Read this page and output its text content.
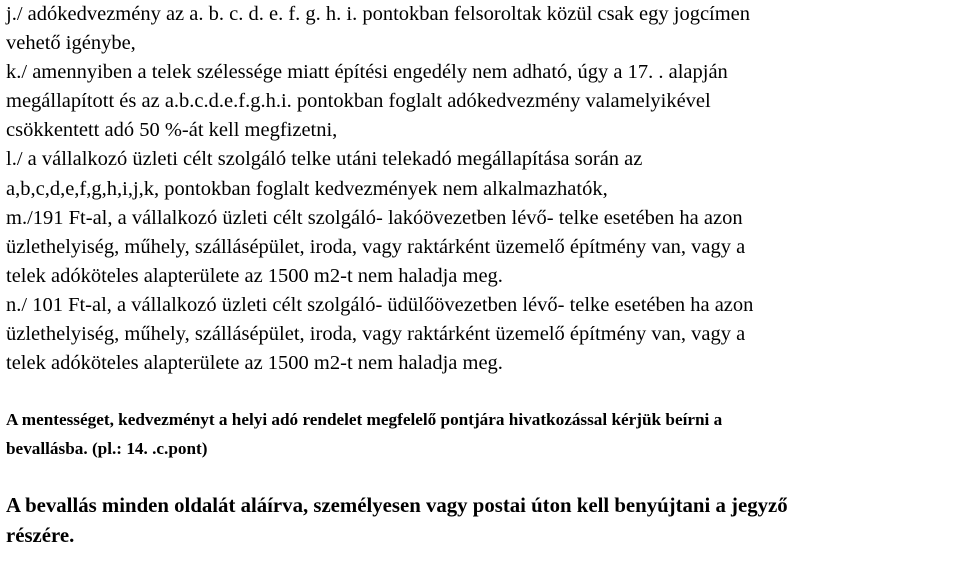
j./ adókedvezmény az a. b. c. d. e. f. g. h. i. pontokban felsoroltak közül csak egy jogcímen
vehető igénybe,

k./ amennyiben a telek szélessége miatt építési engedély nem adható, úgy a 17. . alapján
megállapított és az a.b.c.d.e.f.g.h.i. pontokban foglalt adókedvezmény valamelyikével
csökkentett adó 50 %-át kell megfizetni,

l./ a vállalkozó üzleti célt szolgáló telke utáni telekadó megállapítása során az
a,b,c,d,e,f,g,h,i,j,k, pontokban foglalt kedvezmények nem alkalmazhatók,

m./191 Ft-al, a vállalkozó üzleti célt szolgáló- lakóövezetben lévő- telke esetében ha azon
üzlethelyiség, műhely, szállásépület, iroda, vagy raktárként üzemelő építmény van, vagy a
telek adóköteles alapterülete az 1500 m2-t nem haladja meg.

n./ 101 Ft-al, a vállalkozó üzleti célt szolgáló- üdülőövezetben lévő- telke esetében ha azon
üzlethelyiség, műhely, szállásépület, iroda, vagy raktárként üzemelő építmény van, vagy a
telek adóköteles alapterülete az 1500 m2-t nem haladja meg.

A mentességet, kedvezményt a helyi adó rendelet megfelelő pontjára hivatkozással kérjük beírni a
bevallásba. (pl.: 14. .c.pont)

A bevallás minden oldalát aláírva, személyesen vagy postai úton kell benyújtani a jegyző
részére.
